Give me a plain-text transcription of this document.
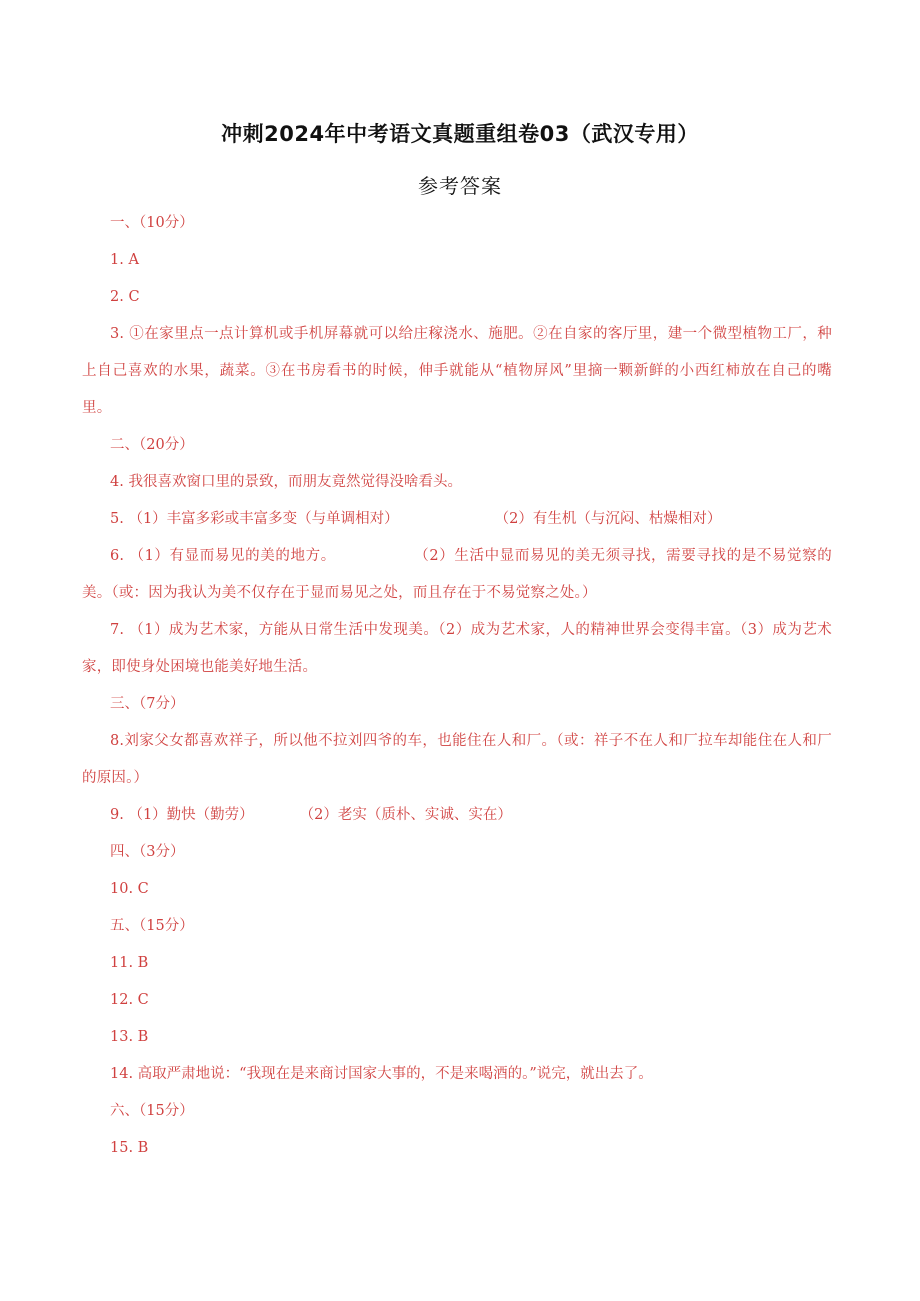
冲刺2024年中考语文真题重组卷03（武汉专用）
参考答案
一、（10分）
1. A
2. C
3. ①在家里点一点计算机或手机屏幕就可以给庄稼浇水、施肥。②在自家的客厅里，建一个微型植物工厂，种上自己喜欢的水果，蔬菜。③在书房看书的时候，伸手就能从“植物屏风”里摘一颗新鲜的小西红柿放在自己的嘴里。
二、（20分）
4. 我很喜欢窗口里的景致，而朋友竟然觉得没啥看头。
5. （1）丰富多彩或丰富多变（与单调相对）	（2）有生机（与沉闷、枯燥相对）
6. （1）有显而易见的美的地方。	（2）生活中显而易见的美无须寻找，需要寻找的是不易觉察的美。（或：因为我认为美不仅存在于显而易见之处，而且存在于不易觉察之处。）
7. （1）成为艺术家，方能从日常生活中发现美。（2）成为艺术家，人的精神世界会变得丰富。（3）成为艺术家，即使身处困境也能美好地生活。
三、（7分）
8.刘家父女都喜欢祥子，所以他不拉刘四爷的车，也能住在人和厂。（或：祥子不在人和厂拉车却能住在人和厂的原因。）
9. （1）勤快（勤劳）	（2）老实（质朴、实诚、实在）
四、（3分）
10. C
五、（15分）
11. B
12. C
13. B
14. 高取严肃地说：“我现在是来商讨国家大事的，不是来喝酒的。”说完，就出去了。
六、（15分）
15. B
